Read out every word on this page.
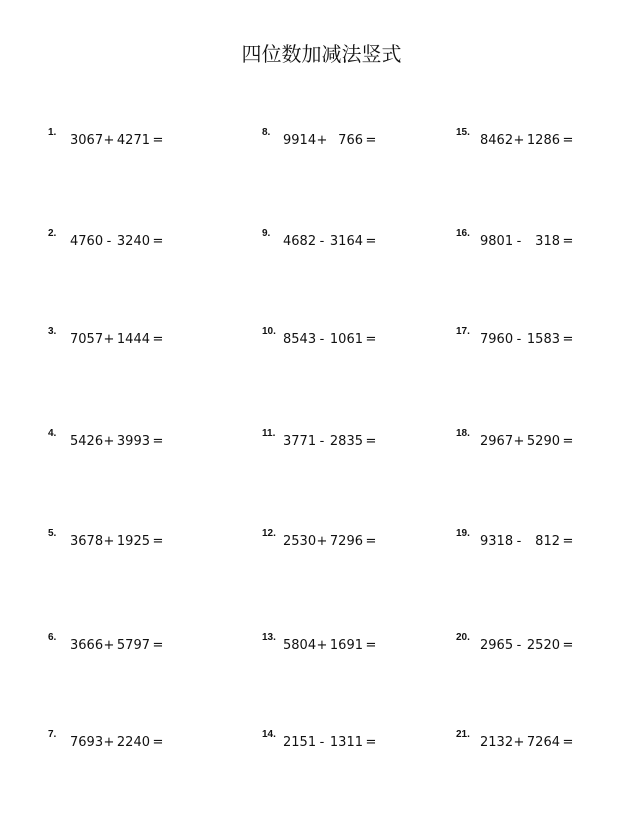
四位数加减法竖式
1.
3067+ 4271 =
2.
4760 - 3240 =
3.
7057+ 1444 =
4.
5426+ 3993 =
5.
3678+ 1925 =
6.
3666+ 5797 =
7.
7693+ 2240 =
8.
9914+ 766 =
9.
4682 - 3164 =
10.
8543 - 1061 =
11.
3771 - 2835 =
12.
2530+ 7296 =
13.
5804+ 1691 =
14.
2151 - 1311 =
15.
8462+ 1286 =
16.
9801 - 318 =
17.
7960 - 1583 =
18.
2967+ 5290 =
19.
9318 - 812 =
20.
2965 - 2520 =
21.
2132+ 7264 =
